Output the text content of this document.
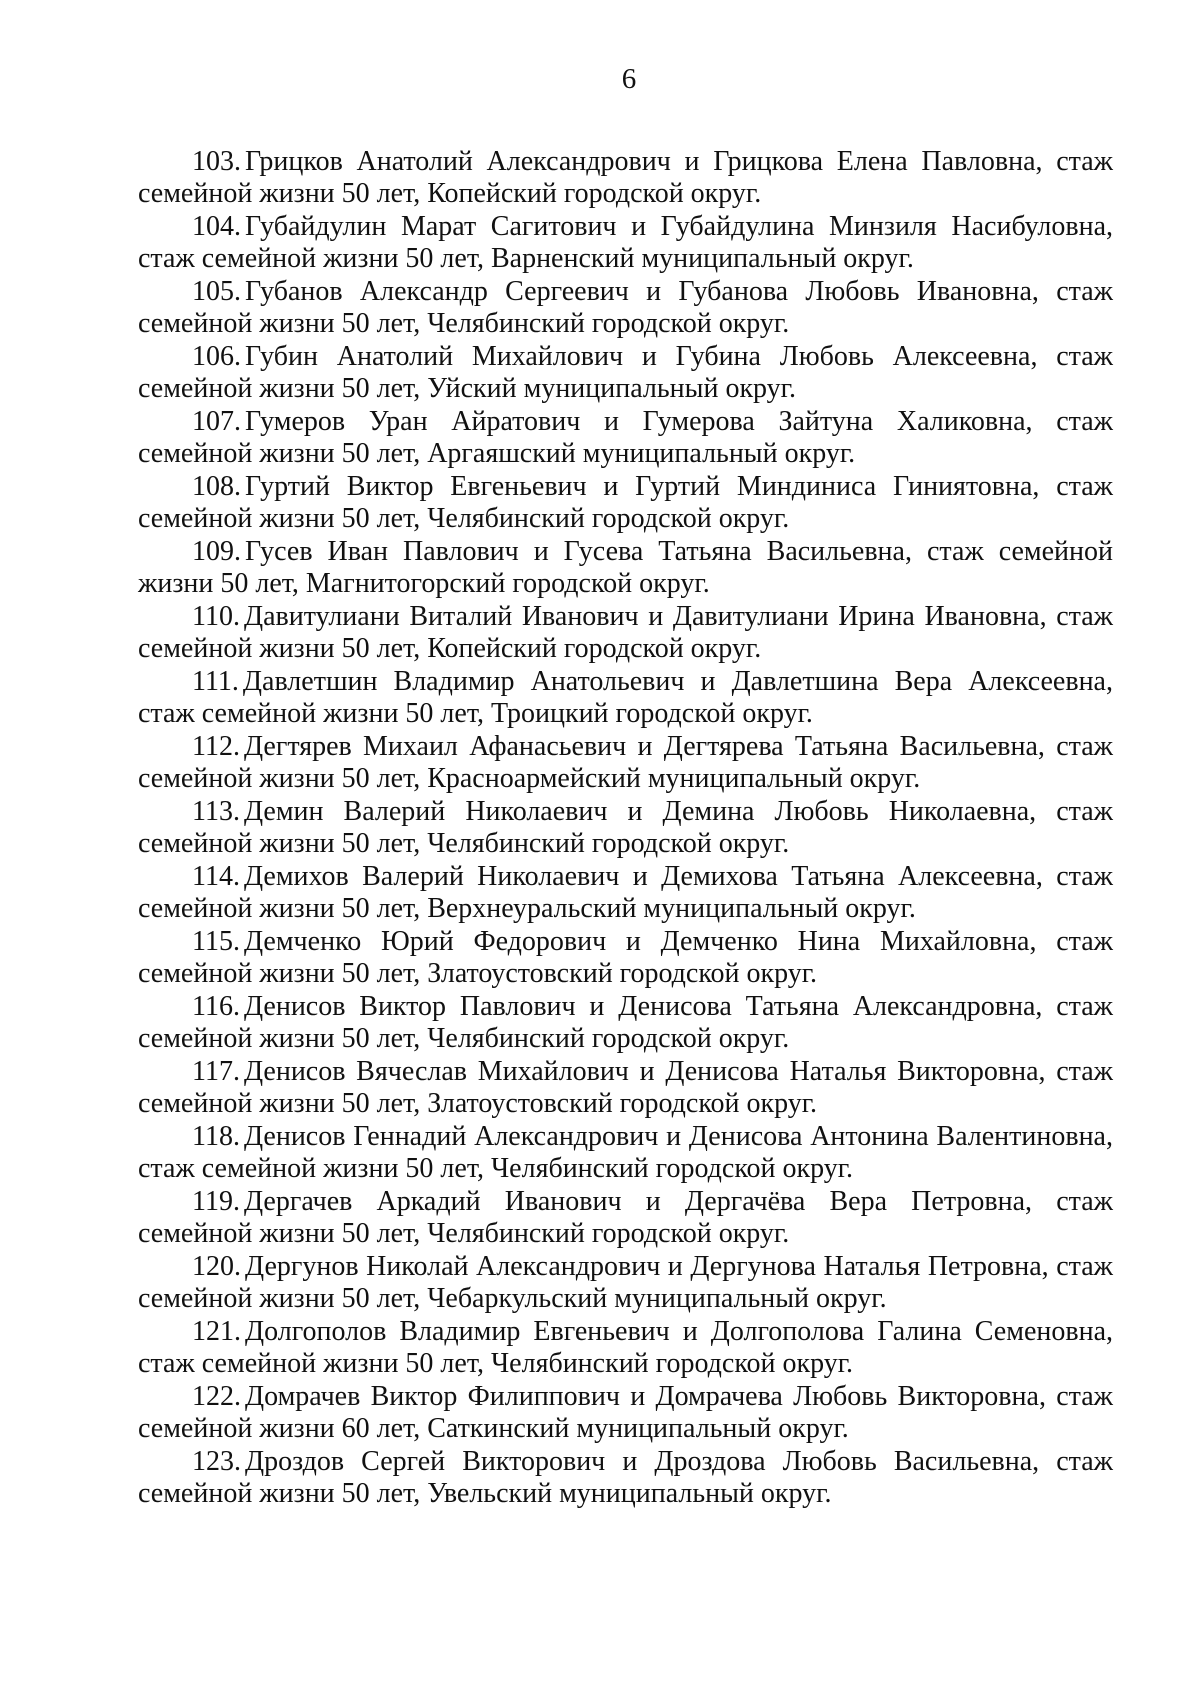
6
103. Грицков Анатолий Александрович и Грицкова Елена Павловна, стаж семейной жизни 50 лет, Копейский городской округ.
104. Губайдулин Марат Сагитович и Губайдулина Минзиля Насибуловна, стаж семейной жизни 50 лет, Варненский муниципальный округ.
105. Губанов Александр Сергеевич и Губанова Любовь Ивановна, стаж семейной жизни 50 лет, Челябинский городской округ.
106. Губин Анатолий Михайлович и Губина Любовь Алексеевна, стаж семейной жизни 50 лет, Уйский муниципальный округ.
107. Гумеров Уран Айратович и Гумерова Зайтуна Халиковна, стаж семейной жизни 50 лет, Аргаяшский муниципальный округ.
108. Гуртий Виктор Евгеньевич и Гуртий Миндиниса Гиниятовна, стаж семейной жизни 50 лет, Челябинский городской округ.
109. Гусев Иван Павлович и Гусева Татьяна Васильевна, стаж семейной жизни 50 лет, Магнитогорский городской округ.
110. Давитулиани Виталий Иванович и Давитулиани Ирина Ивановна, стаж семейной жизни 50 лет, Копейский городской округ.
111. Давлетшин Владимир Анатольевич и Давлетшина Вера Алексеевна, стаж семейной жизни 50 лет, Троицкий городской округ.
112. Дегтярев Михаил Афанасьевич и Дегтярева Татьяна Васильевна, стаж семейной жизни 50 лет, Красноармейский муниципальный округ.
113. Демин Валерий Николаевич и Демина Любовь Николаевна, стаж семейной жизни 50 лет, Челябинский городской округ.
114. Демихов Валерий Николаевич и Демихова Татьяна Алексеевна, стаж семейной жизни 50 лет, Верхнеуральский муниципальный округ.
115. Демченко Юрий Федорович и Демченко Нина Михайловна, стаж семейной жизни 50 лет, Златоустовский городской округ.
116. Денисов Виктор Павлович и Денисова Татьяна Александровна, стаж семейной жизни 50 лет, Челябинский городской округ.
117. Денисов Вячеслав Михайлович и Денисова Наталья Викторовна, стаж семейной жизни 50 лет, Златоустовский городской округ.
118. Денисов Геннадий Александрович и Денисова Антонина Валентиновна, стаж семейной жизни 50 лет, Челябинский городской округ.
119. Дергачев Аркадий Иванович и Дергачёва Вера Петровна, стаж семейной жизни 50 лет, Челябинский городской округ.
120. Дергунов Николай Александрович и Дергунова Наталья Петровна, стаж семейной жизни 50 лет, Чебаркульский муниципальный округ.
121. Долгополов Владимир Евгеньевич и Долгополова Галина Семеновна, стаж семейной жизни 50 лет, Челябинский городской округ.
122. Домрачев Виктор Филиппович и Домрачева Любовь Викторовна, стаж семейной жизни 60 лет, Саткинский муниципальный округ.
123. Дроздов Сергей Викторович и Дроздова Любовь Васильевна, стаж семейной жизни 50 лет, Увельский муниципальный округ.
